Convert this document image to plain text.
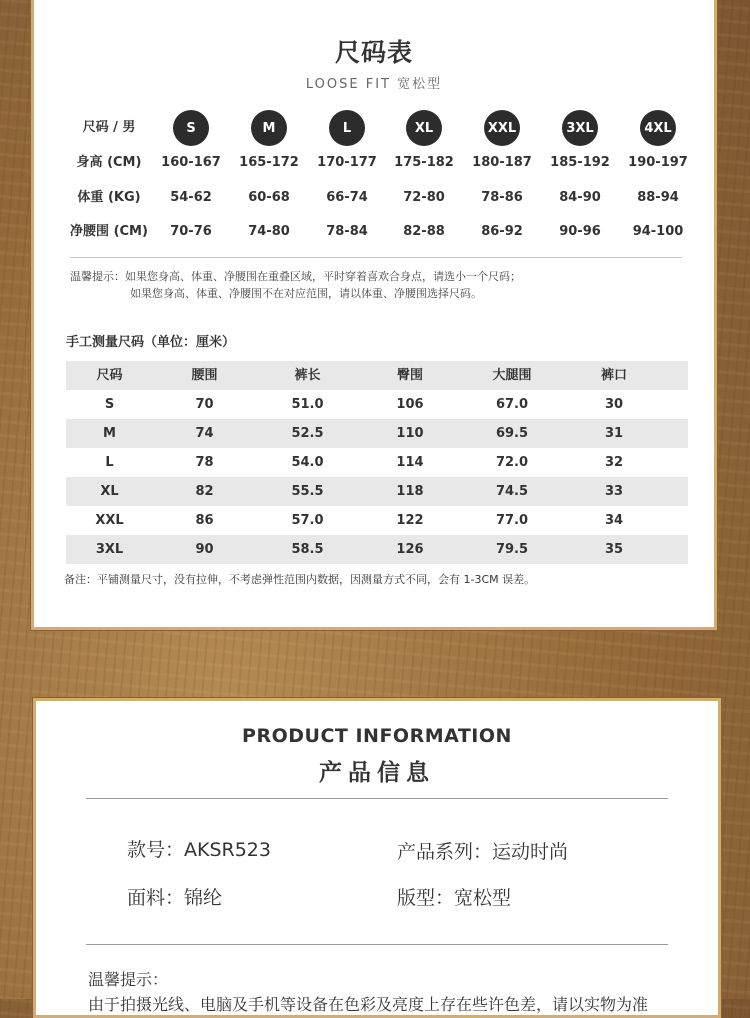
尺码表
LOOSE FIT 宽松型
尺码 / 男	S	M	L	XL	XXL	3XL	4XL
身高 (CM)	160-167	165-172	170-177	175-182	180-187	185-192	190-197
体重 (KG)	54-62	60-68	66-74	72-80	78-86	84-90	88-94
净腰围 (CM)	70-76	74-80	78-84	82-88	86-92	90-96	94-100
温馨提示：如果您身高、体重、净腰围在重叠区域，平时穿着喜欢合身点，请选小一个尺码；
如果您身高、体重、净腰围不在对应范围，请以体重、净腰围选择尺码。
手工测量尺码（单位：厘米）
尺码	腰围	裤长	臀围	大腿围	裤口
S	70	51.0	106	67.0	30
M	74	52.5	110	69.5	31
L	78	54.0	114	72.0	32
XL	82	55.5	118	74.5	33
XXL	86	57.0	122	77.0	34
3XL	90	58.5	126	79.5	35
备注：平铺测量尺寸，没有拉伸，不考虑弹性范围内数据，因测量方式不同，会有 1-3CM 误差。
PRODUCT INFORMATION
产品信息
款号：AKSR523	产品系列：运动时尚
面料：锦纶	版型：宽松型
温馨提示：
由于拍摄光线、电脑及手机等设备在色彩及亮度上存在些许色差，请以实物为准
